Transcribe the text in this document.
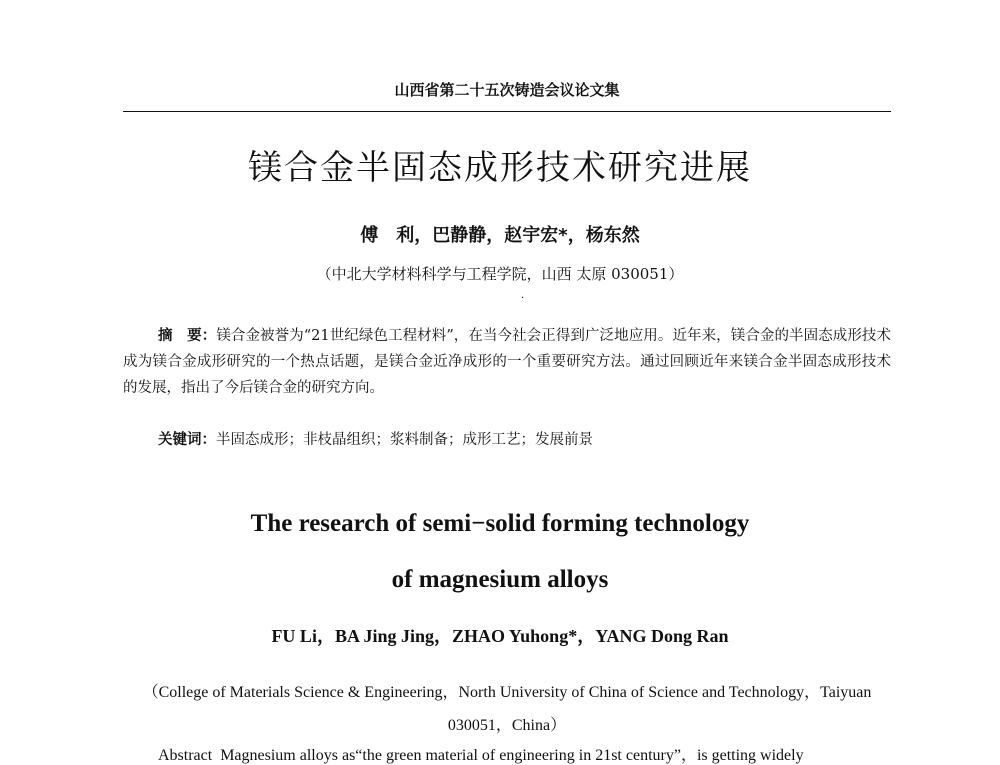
山西省第二十五次铸造会议论文集
镁合金半固态成形技术研究进展
傅　利，巴静静，赵宇宏*，杨东然
（中北大学材料科学与工程学院，山西 太原 030051）
·
摘　要：镁合金被誉为“21世纪绿色工程材料”，在当今社会正得到广泛地应用。近年来，镁合金的半固态成形技术成为镁合金成形研究的一个热点话题，是镁合金近净成形的一个重要研究方法。通过回顾近年来镁合金半固态成形技术的发展，指出了今后镁合金的研究方向。
关键词：半固态成形；非枝晶组织；浆料制备；成形工艺；发展前景
The research of semi−solid forming technology
of magnesium alloys
FU Li，BA Jing Jing，ZHAO Yuhong*，YANG Dong Ran
（College of Materials Science & Engineering，North University of China of Science and Technology，Taiyuan 030051，China）
Abstract Magnesium alloys as“the green material of engineering in 21st century”，is getting widely
